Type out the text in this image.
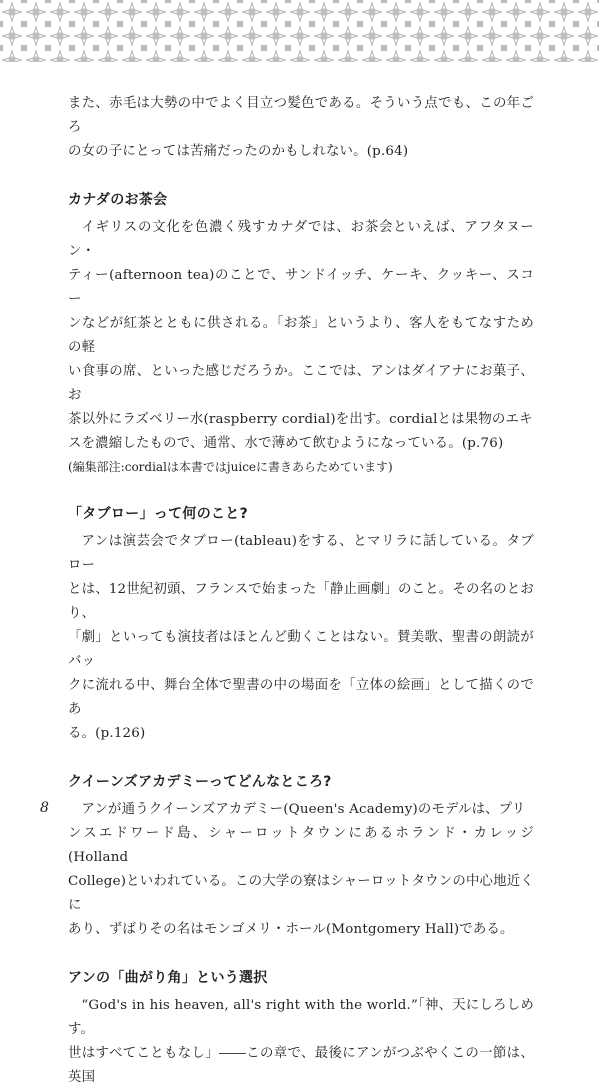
また、赤毛は大勢の中でよく目立つ髪色である。そういう点でも、この年ごろ
の女の子にとっては苦痛だったのかもしれない。(p.64)

カナダのお茶会

イギリスの文化を色濃く残すカナダでは、お茶会といえば、アフタヌーン・
ティー(afternoon tea)のことで、サンドイッチ、ケーキ、クッキー、スコー
ンなどが紅茶とともに供される。「お茶」というより、客人をもてなすための軽
い食事の席、といった感じだろうか。ここでは、アンはダイアナにお菓子、お
茶以外にラズベリー水(raspberry cordial)を出す。cordialとは果物のエキ
スを濃縮したもので、通常、水で薄めて飲むようになっている。(p.76)

(編集部注:cordialは本書ではjuiceに書きあらためています)

「タブロー」って何のこと?

アンは演芸会でタブロー(tableau)をする、とマリラに話している。タブロー
とは、12世紀初頭、フランスで始まった「静止画劇」のこと。その名のとおり、
「劇」といっても演技者はほとんど動くことはない。賛美歌、聖書の朗読がバッ
クに流れる中、舞台全体で聖書の中の場面を「立体の絵画」として描くのであ
る。(p.126)

クイーンズアカデミーってどんなところ?

アンが通うクイーンズアカデミー(Queen's Academy)のモデルは、プリ
ンスエドワード島、シャーロットタウンにあるホランド・カレッジ(Holland
College)といわれている。この大学の寮はシャーロットタウンの中心地近くに
あり、ずばりその名はモンゴメリ・ホール(Montgomery Hall)である。

アンの「曲がり角」という選択

“God's in his heaven, all's right with the world.”「神、天にしろしめす。
世はすべてこともなし」――この章で、最後にアンがつぶやくこの一節は、英国

8
